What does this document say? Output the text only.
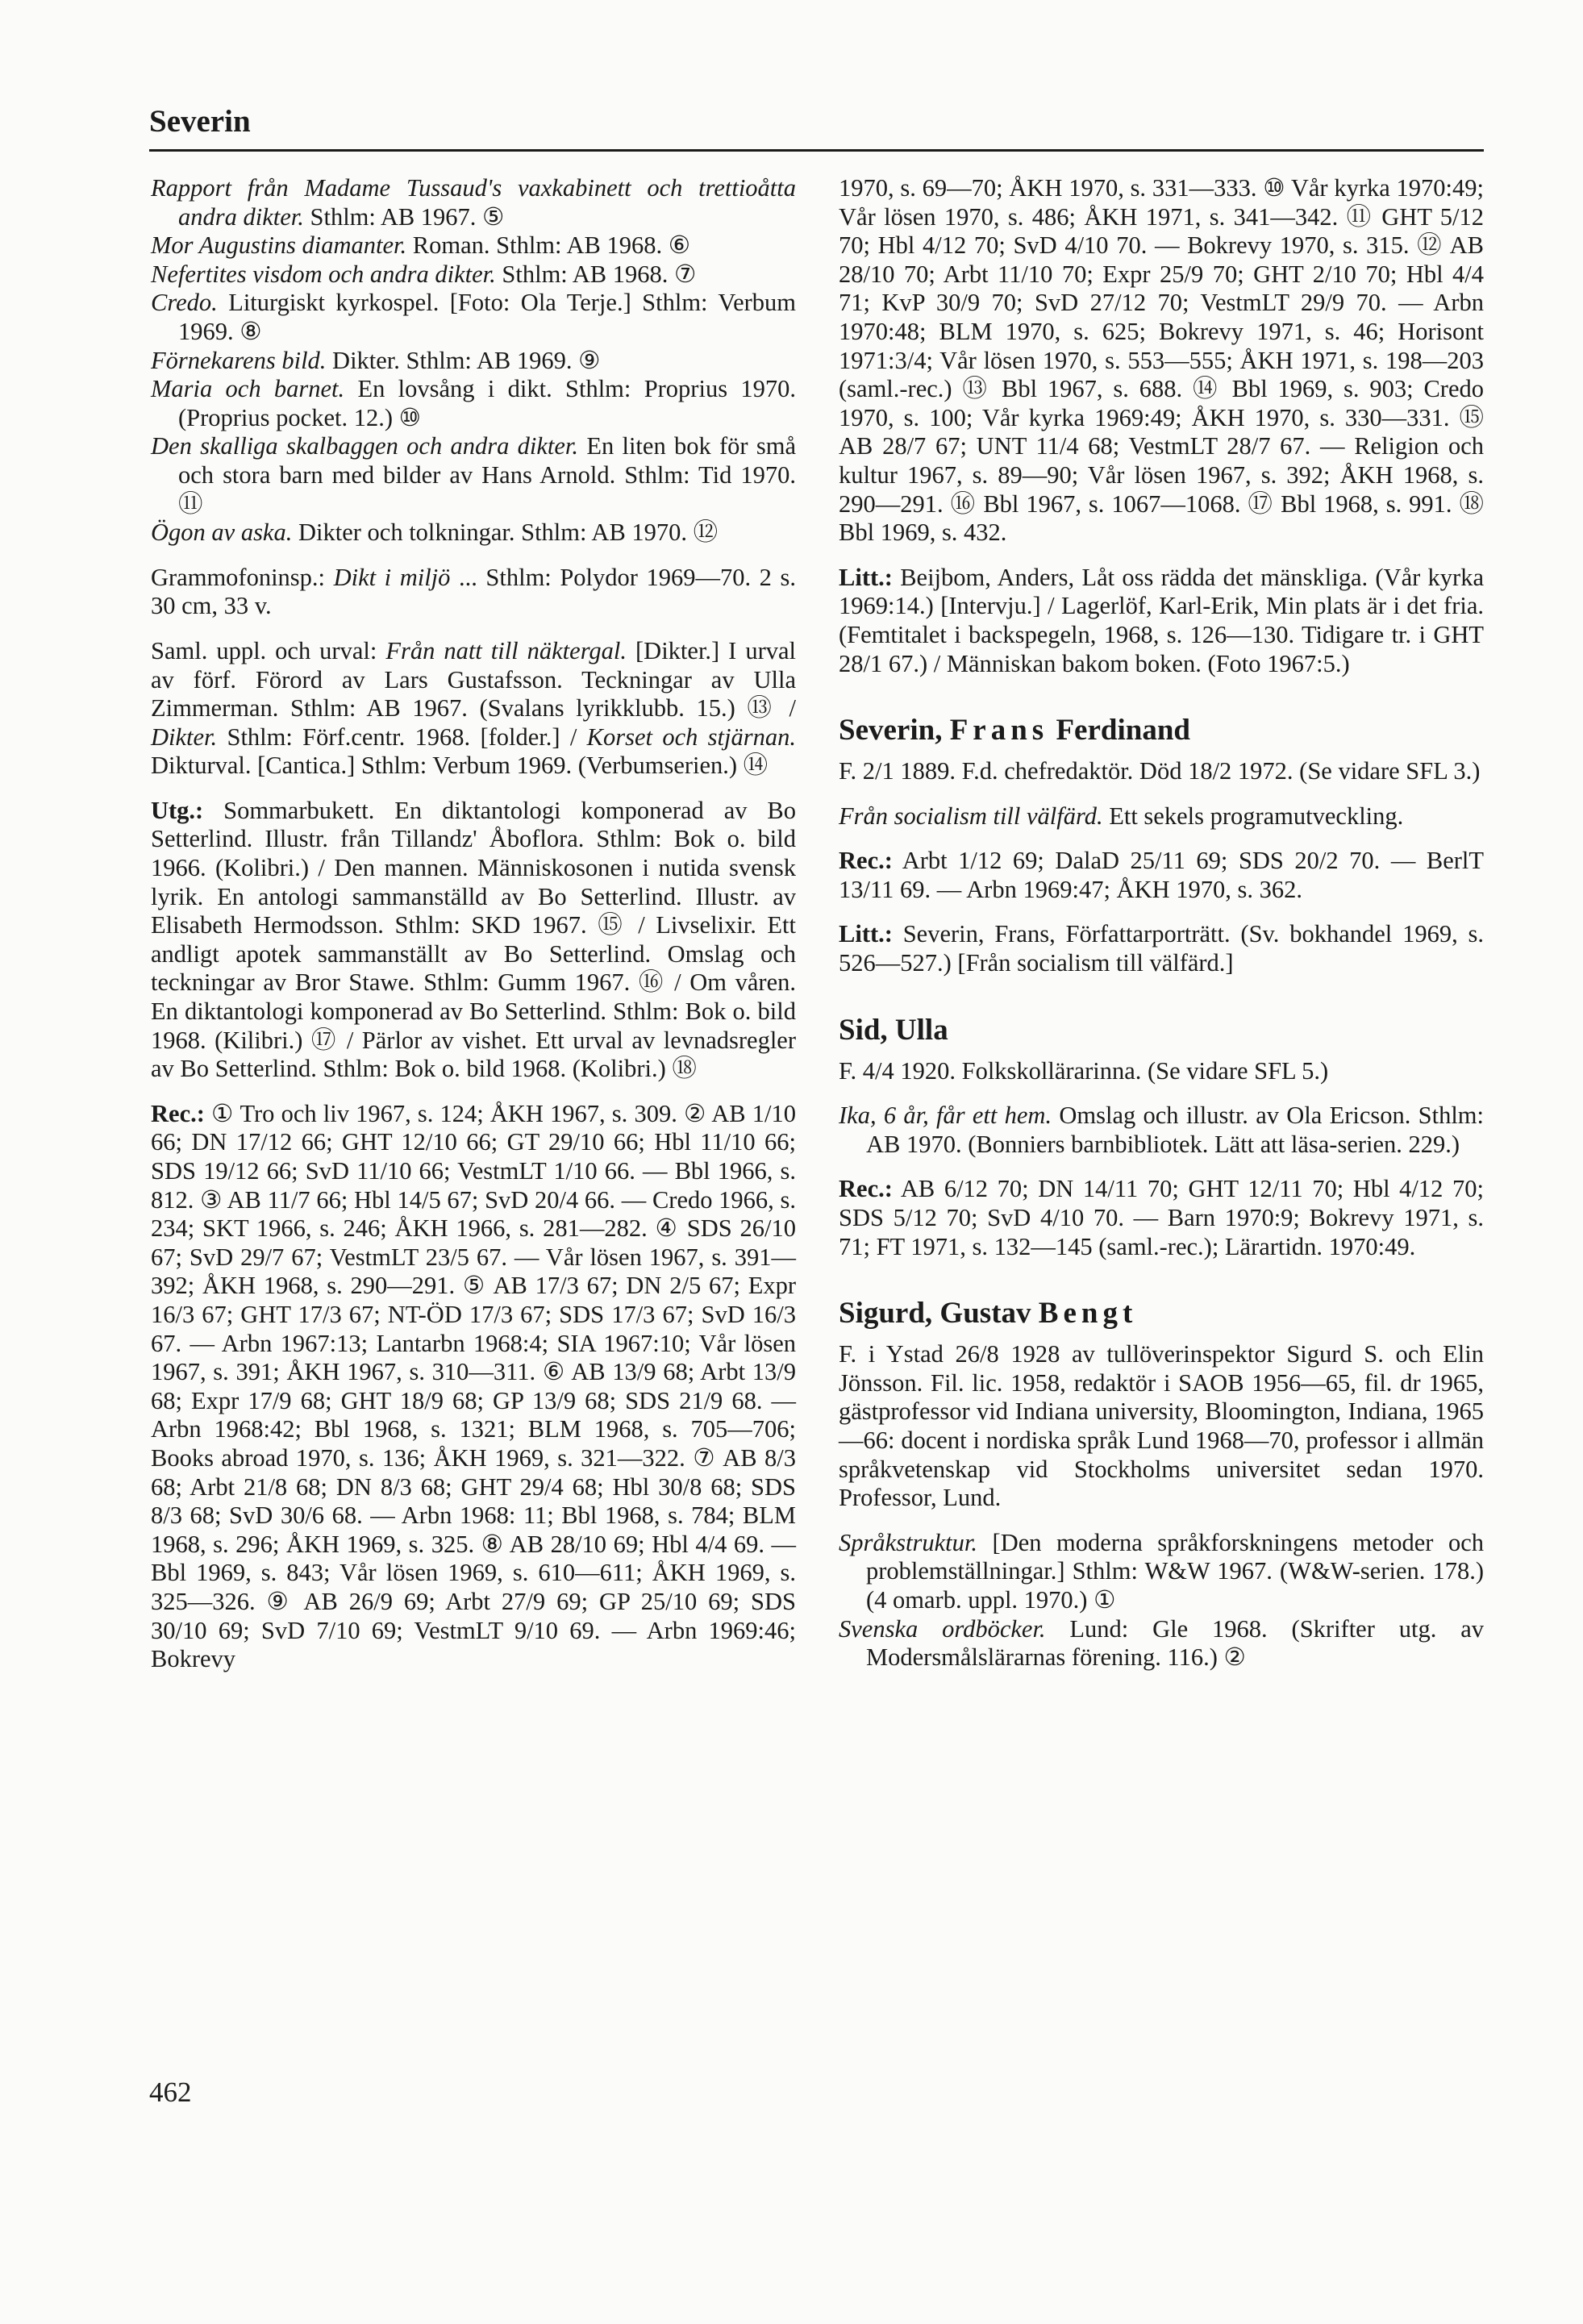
Severin

Rapport från Madame Tussaud's vaxkabinett och trettioåtta andra dikter. Sthlm: AB 1967. ⑤

Mor Augustins diamanter. Roman. Sthlm: AB 1968. ⑥

Nefertites visdom och andra dikter. Sthlm: AB 1968. ⑦

Credo. Liturgiskt kyrkospel. [Foto: Ola Terje.] Sthlm: Verbum 1969. ⑧

Förnekarens bild. Dikter. Sthlm: AB 1969. ⑨

Maria och barnet. En lovsång i dikt. Sthlm: Proprius 1970. (Proprius pocket. 12.) ⑩

Den skalliga skalbaggen och andra dikter. En liten bok för små och stora barn med bilder av Hans Arnold. Sthlm: Tid 1970. ⑪

Ögon av aska. Dikter och tolkningar. Sthlm: AB 1970. ⑫

Grammofoninsp.: Dikt i miljö ... Sthlm: Polydor 1969—70. 2 s. 30 cm, 33 v.

Saml. uppl. och urval: Från natt till näktergal. [Dikter.] I urval av förf. Förord av Lars Gustafsson. Teckningar av Ulla Zimmerman. Sthlm: AB 1967. (Svalans lyrikklubb. 15.) ⑬ / Dikter. Sthlm: Förf.centr. 1968. [folder.] / Korset och stjärnan. Dikturval. [Cantica.] Sthlm: Verbum 1969. (Verbumserien.) ⑭

Utg.: Sommarbukett. En diktantologi komponerad av Bo Setterlind. Illustr. från Tillandz' Åboflora. Sthlm: Bok o. bild 1966. (Kolibri.) / Den mannen. Människosonen i nutida svensk lyrik. En antologi sammanställd av Bo Setterlind. Illustr. av Elisabeth Hermodsson. Sthlm: SKD 1967. ⑮ / Livselixir. Ett andligt apotek sammanställt av Bo Setterlind. Omslag och teckningar av Bror Stawe. Sthlm: Gumm 1967. ⑯ / Om våren. En diktantologi komponerad av Bo Setterlind. Sthlm: Bok o. bild 1968. (Kilibri.) ⑰ / Pärlor av vishet. Ett urval av levnadsregler av Bo Setterlind. Sthlm: Bok o. bild 1968. (Kolibri.) ⑱

Rec.: ① Tro och liv 1967, s. 124; ÅKH 1967, s. 309. ② AB 1/10 66; DN 17/12 66; GHT 12/10 66; GT 29/10 66; Hbl 11/10 66; SDS 19/12 66; SvD 11/10 66; VestmLT 1/10 66. — Bbl 1966, s. 812. ③ AB 11/7 66; Hbl 14/5 67; SvD 20/4 66. — Credo 1966, s. 234; SKT 1966, s. 246; ÅKH 1966, s. 281—282. ④ SDS 26/10 67; SvD 29/7 67; VestmLT 23/5 67. — Vår lösen 1967, s. 391—392; ÅKH 1968, s. 290—291. ⑤ AB 17/3 67; DN 2/5 67; Expr 16/3 67; GHT 17/3 67; NT-ÖD 17/3 67; SDS 17/3 67; SvD 16/3 67. — Arbn 1967:13; Lantarbn 1968:4; SIA 1967:10; Vår lösen 1967, s. 391; ÅKH 1967, s. 310—311. ⑥ AB 13/9 68; Arbt 13/9 68; Expr 17/9 68; GHT 18/9 68; GP 13/9 68; SDS 21/9 68. — Arbn 1968:42; Bbl 1968, s. 1321; BLM 1968, s. 705—706; Books abroad 1970, s. 136; ÅKH 1969, s. 321—322. ⑦ AB 8/3 68; Arbt 21/8 68; DN 8/3 68; GHT 29/4 68; Hbl 30/8 68; SDS 8/3 68; SvD 30/6 68. — Arbn 1968: 11; Bbl 1968, s. 784; BLM 1968, s. 296; ÅKH 1969, s. 325. ⑧ AB 28/10 69; Hbl 4/4 69. — Bbl 1969, s. 843; Vår lösen 1969, s. 610—611; ÅKH 1969, s. 325—326. ⑨ AB 26/9 69; Arbt 27/9 69; GP 25/10 69; SDS 30/10 69; SvD 7/10 69; VestmLT 9/10 69. — Arbn 1969:46; Bokrevy

1970, s. 69—70; ÅKH 1970, s. 331—333. ⑩ Vår kyrka 1970:49; Vår lösen 1970, s. 486; ÅKH 1971, s. 341—342. ⑪ GHT 5/12 70; Hbl 4/12 70; SvD 4/10 70. — Bokrevy 1970, s. 315. ⑫ AB 28/10 70; Arbt 11/10 70; Expr 25/9 70; GHT 2/10 70; Hbl 4/4 71; KvP 30/9 70; SvD 27/12 70; VestmLT 29/9 70. — Arbn 1970:48; BLM 1970, s. 625; Bokrevy 1971, s. 46; Horisont 1971:3/4; Vår lösen 1970, s. 553—555; ÅKH 1971, s. 198—203 (saml.-rec.) ⑬ Bbl 1967, s. 688. ⑭ Bbl 1969, s. 903; Credo 1970, s. 100; Vår kyrka 1969:49; ÅKH 1970, s. 330—331. ⑮ AB 28/7 67; UNT 11/4 68; VestmLT 28/7 67. — Religion och kultur 1967, s. 89—90; Vår lösen 1967, s. 392; ÅKH 1968, s. 290—291. ⑯ Bbl 1967, s. 1067—1068. ⑰ Bbl 1968, s. 991. ⑱ Bbl 1969, s. 432.

Litt.: Beijbom, Anders, Låt oss rädda det mänskliga. (Vår kyrka 1969:14.) [Intervju.] / Lagerlöf, Karl-Erik, Min plats är i det fria. (Femtitalet i backspegeln, 1968, s. 126—130. Tidigare tr. i GHT 28/1 67.) / Människan bakom boken. (Foto 1967:5.)

Severin, Frans Ferdinand

F. 2/1 1889. F.d. chefredaktör. Död 18/2 1972. (Se vidare SFL 3.)

Från socialism till välfärd. Ett sekels programutveckling.

Rec.: Arbt 1/12 69; DalaD 25/11 69; SDS 20/2 70. — BerlT 13/11 69. — Arbn 1969:47; ÅKH 1970, s. 362.

Litt.: Severin, Frans, Författarporträtt. (Sv. bokhandel 1969, s. 526—527.) [Från socialism till välfärd.]

Sid, Ulla

F. 4/4 1920. Folkskollärarinna. (Se vidare SFL 5.)

Ika, 6 år, får ett hem. Omslag och illustr. av Ola Ericson. Sthlm: AB 1970. (Bonniers barnbibliotek. Lätt att läsa-serien. 229.)

Rec.: AB 6/12 70; DN 14/11 70; GHT 12/11 70; Hbl 4/12 70; SDS 5/12 70; SvD 4/10 70. — Barn 1970:9; Bokrevy 1971, s. 71; FT 1971, s. 132—145 (saml.-rec.); Lärartidn. 1970:49.

Sigurd, Gustav Bengt

F. i Ystad 26/8 1928 av tullöverinspektor Sigurd S. och Elin Jönsson. Fil. lic. 1958, redaktör i SAOB 1956—65, fil. dr 1965, gästprofessor vid Indiana university, Bloomington, Indiana, 1965—66: docent i nordiska språk Lund 1968—70, professor i allmän språkvetenskap vid Stockholms universitet sedan 1970. Professor, Lund.

Språkstruktur. [Den moderna språkforskningens metoder och problemställningar.] Sthlm: W&W 1967. (W&W-serien. 178.) (4 omarb. uppl. 1970.) ①

Svenska ordböcker. Lund: Gle 1968. (Skrifter utg. av Modersmålslärarnas förening. 116.) ②

462
